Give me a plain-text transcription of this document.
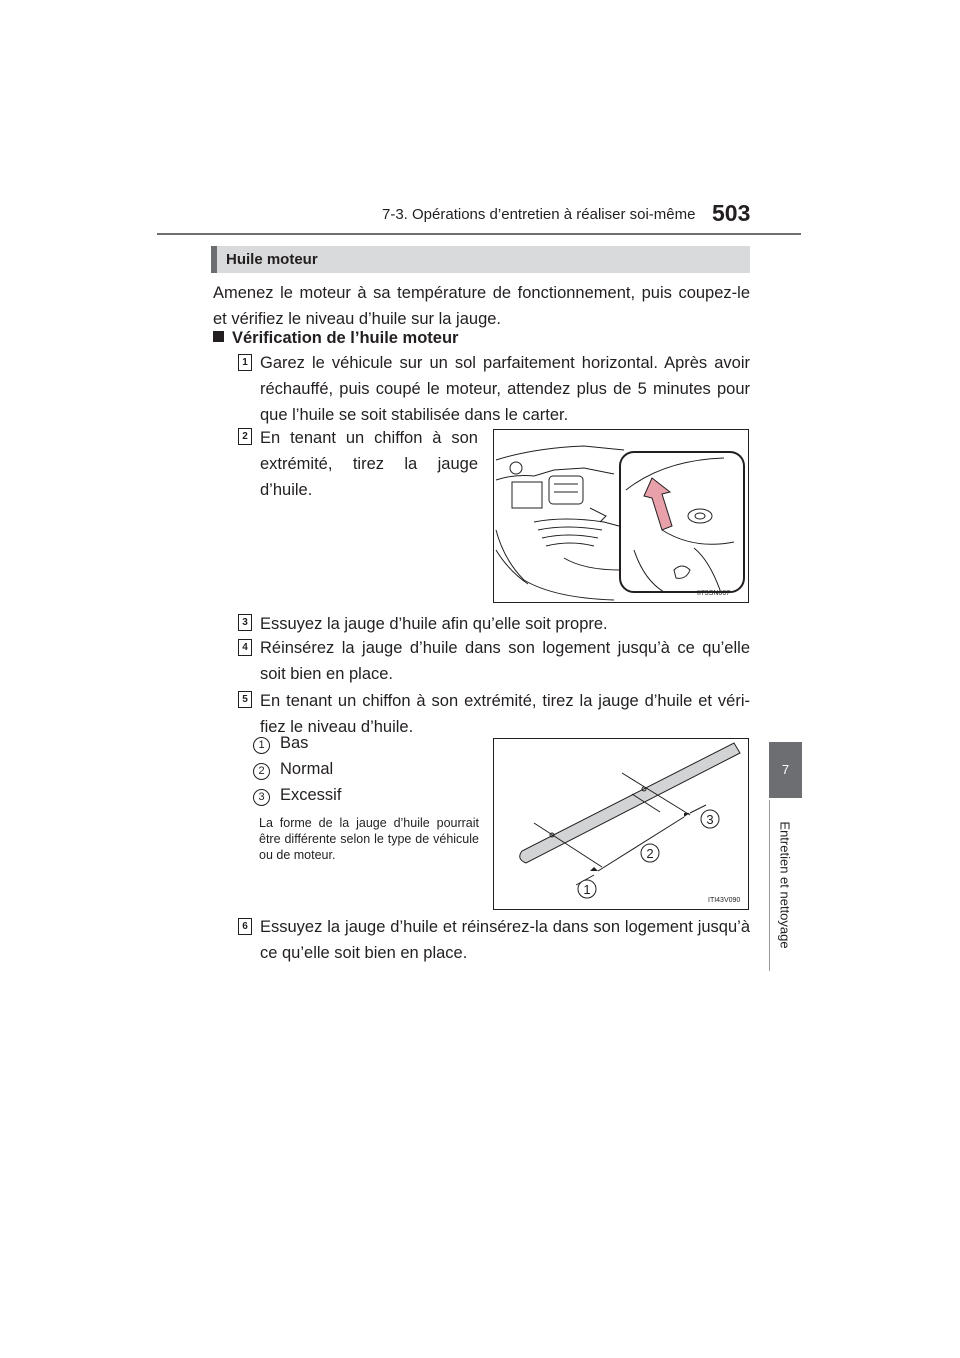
7-3. Opérations d’entretien à réaliser soi-même 503
7
Entretien et nettoyage
Huile moteur
Amenez le moteur à sa température de fonctionnement, puis coupez-le et vérifiez le niveau d’huile sur la jauge.
Vérification de l’huile moteur
1
2
3
4
5
6
Garez le véhicule sur un sol parfaitement horizontal. Après avoir réchauffé, puis coupé le moteur, attendez plus de 5 minutes pour que l’huile se soit stabilisée dans le carter.
En tenant un chiffon à son extrémité, tirez la jauge d’huile.
Essuyez la jauge d’huile afin qu’elle soit propre.
Réinsérez la jauge d’huile dans son logement jusqu’à ce qu’elle soit bien en place.
En tenant un chiffon à son extrémité, tirez la jauge d’huile et véri-fiez le niveau d’huile.
Essuyez la jauge d’huile et réinsérez-la dans son logement jusqu’à ce qu’elle soit bien en place.
1 Bas
2 Normal
3 Excessif
La forme de la jauge d’huile pourrait être différente selon le type de véhicule ou de moteur.
II73SN067
1
2
3
ITI43V090
